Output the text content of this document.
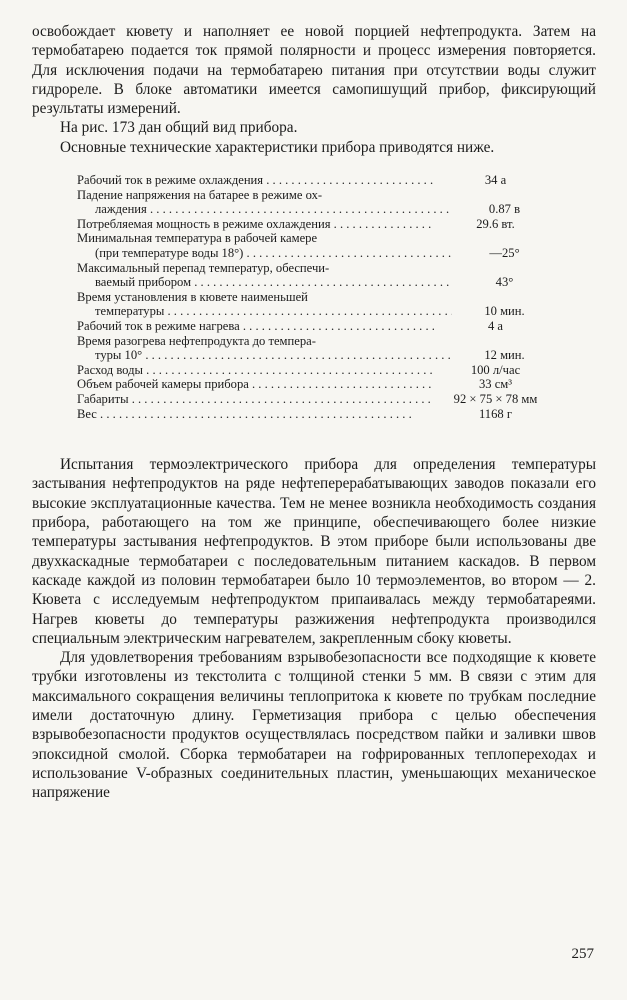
освобождает кювету и наполняет ее новой порцией нефтепродукта. Затем на термобатарею подается ток прямой полярности и процесс измерения повторяется. Для исключения подачи на термобатарею питания при отсутствии воды служит гидрореле. В блоке автоматики имеется самопишущий прибор, фиксирующий результаты измерений.

На рис. 173 дан общий вид прибора.

Основные технические характеристики прибора приводятся ниже.

Рабочий ток в режиме охлаждения . . .	34 а
Падение напряжения на батарее в режиме ох-
лаждения . . .	0.87 в
Потребляемая мощность в режиме охлаждения . . .	29.6 вт.
Минимальная температура в рабочей камере
(при температуре воды 18°) . . .	—25°
Максимальный перепад температур, обеспечи-
ваемый прибором . . .	43°
Время установления в кювете наименьшей
температуры . . .	10 мин.
Рабочий ток в режиме нагрева . . .	4 а
Время разогрева нефтепродукта до темпера-
туры 10° . . .	12 мин.
Расход воды . . .	100 л/час
Объем рабочей камеры прибора . . .	33 см³
Габариты . . .	92 × 75 × 78 мм
Вес . . .	1168 г

Испытания термоэлектрического прибора для определения температуры застывания нефтепродуктов на ряде нефтеперерабатывающих заводов показали его высокие эксплуатационные качества. Тем не менее возникла необходимость создания прибора, работающего на том же принципе, обеспечивающего более низкие температуры застывания нефтепродуктов. В этом приборе были использованы две двухкаскадные термобатареи с последовательным питанием каскадов. В первом каскаде каждой из половин термобатареи было 10 термоэлементов, во втором — 2. Кювета с исследуемым нефтепродуктом припаивалась между термобатареями. Нагрев кюветы до температуры разжижения нефтепродукта производился специальным электрическим нагревателем, закрепленным сбоку кюветы.

Для удовлетворения требованиям взрывобезопасности все подходящие к кювете трубки изготовлены из текстолита с толщиной стенки 5 мм. В связи с этим для максимального сокращения величины теплопритока к кювете по трубкам последние имели достаточную длину. Герметизация прибора с целью обеспечения взрывобезопасности продуктов осуществлялась посредством пайки и заливки швов эпоксидной смолой. Сборка термобатареи на гофрированных теплопереходах и использование V-образных соединительных пластин, уменьшающих механическое напряжение

257
